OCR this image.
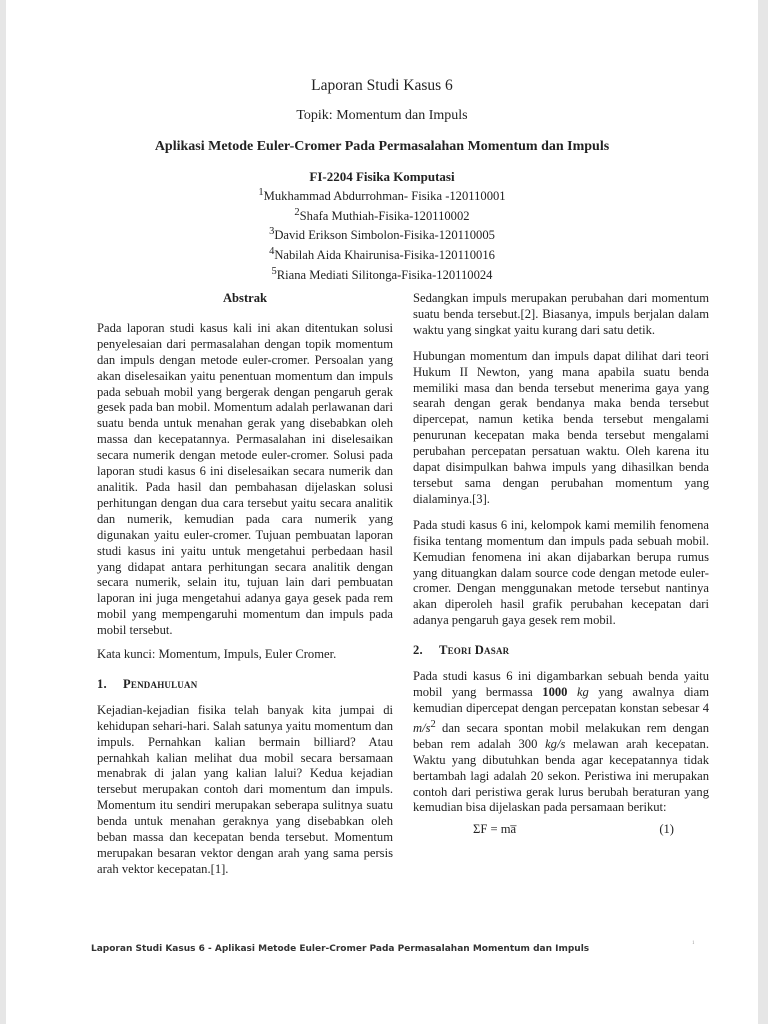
Laporan Studi Kasus 6
Topik: Momentum dan Impuls
Aplikasi Metode Euler-Cromer Pada Permasalahan Momentum dan Impuls
FI-2204 Fisika Komputasi
$^1$Mukhammad Abdurrohman- Fisika -120110001
$^2$Shafa Muthiah-Fisika-120110002
$^3$David Erikson Simbolon-Fisika-120110005
$^4$Nabilah Aida Khairunisa-Fisika-120110016
$^5$Riana Mediati Silitonga-Fisika-120110024

Abstrak

Pada laporan studi kasus kali ini akan ditentukan solusi penyelesaian dari permasalahan dengan topik momentum dan impuls dengan metode euler-cromer. Persoalan yang akan diselesaikan yaitu penentuan momentum dan impuls pada sebuah mobil yang bergerak dengan pengaruh gerak gesek pada ban mobil. Momentum adalah perlawanan dari suatu benda untuk menahan gerak yang disebabkan oleh massa dan kecepatannya. Permasalahan ini diselesaikan secara numerik dengan metode euler-cromer. Solusi pada laporan studi kasus 6 ini diselesaikan secara numerik dan analitik. Pada hasil dan pembahasan dijelaskan solusi perhitungan dengan dua cara tersebut yaitu secara analitik dan numerik, kemudian pada cara numerik yang digunakan yaitu euler-cromer. Tujuan pembuatan laporan studi kasus ini yaitu untuk mengetahui perbedaan hasil yang didapat antara perhitungan secara analitik dengan secara numerik, selain itu, tujuan lain dari pembuatan laporan ini juga mengetahui adanya gaya gesek pada rem mobil yang mempengaruhi momentum dan impuls pada mobil tersebut.

Kata kunci: Momentum, Impuls, Euler Cromer.

1. Pendahuluan

Kejadian-kejadian fisika telah banyak kita jumpai di kehidupan sehari-hari. Salah satunya yaitu momentum dan impuls. Pernahkan kalian bermain billiard? Atau pernahkah kalian melihat dua mobil secara bersamaan menabrak di jalan yang kalian lalui? Kedua kejadian tersebut merupakan contoh dari momentum dan impuls. Momentum itu sendiri merupakan seberapa sulitnya suatu benda untuk menahan geraknya yang disebabkan oleh beban massa dan kecepatan benda tersebut. Momentum merupakan besaran vektor dengan arah yang sama persis arah vektor kecepatan.[1].

Sedangkan impuls merupakan perubahan dari momentum suatu benda tersebut.[2]. Biasanya, impuls berjalan dalam waktu yang singkat yaitu kurang dari satu detik.

Hubungan momentum dan impuls dapat dilihat dari teori Hukum II Newton, yang mana apabila suatu benda memiliki masa dan benda tersebut menerima gaya yang searah dengan gerak bendanya maka benda tersebut dipercepat, namun ketika benda tersebut mengalami penurunan kecepatan maka benda tersebut mengalami perubahan percepatan persatuan waktu. Oleh karena itu dapat disimpulkan bahwa impuls yang dihasilkan benda tersebut sama dengan perubahan momentum yang dialaminya.[3].

Pada studi kasus 6 ini, kelompok kami memilih fenomena fisika tentang momentum dan impuls pada sebuah mobil. Kemudian fenomena ini akan dijabarkan berupa rumus yang dituangkan dalam source code dengan metode euler-cromer. Dengan menggunakan metode tersebut nantinya akan diperoleh hasil grafik perubahan kecepatan dari adanya pengaruh gaya gesek rem mobil.

2. Teori Dasar

Pada studi kasus 6 ini digambarkan sebuah benda yaitu mobil yang bermassa 1000 kg yang awalnya diam kemudian dipercepat dengan percepatan konstan sebesar 4 $m/s^2$ dan secara spontan mobil melakukan rem dengan beban rem adalah 300 kg/s melawan arah kecepatan. Waktu yang dibutuhkan benda agar kecepatannya tidak bertambah lagi adalah 20 sekon. Peristiwa ini merupakan contoh dari peristiwa gerak lurus berubah beraturan yang kemudian bisa dijelaskan pada persamaan berikut:

ΣF = ma̅	(1)
Laporan Studi Kasus 6 - Aplikasi Metode Euler-Cromer Pada Permasalahan Momentum dan Impuls
1
